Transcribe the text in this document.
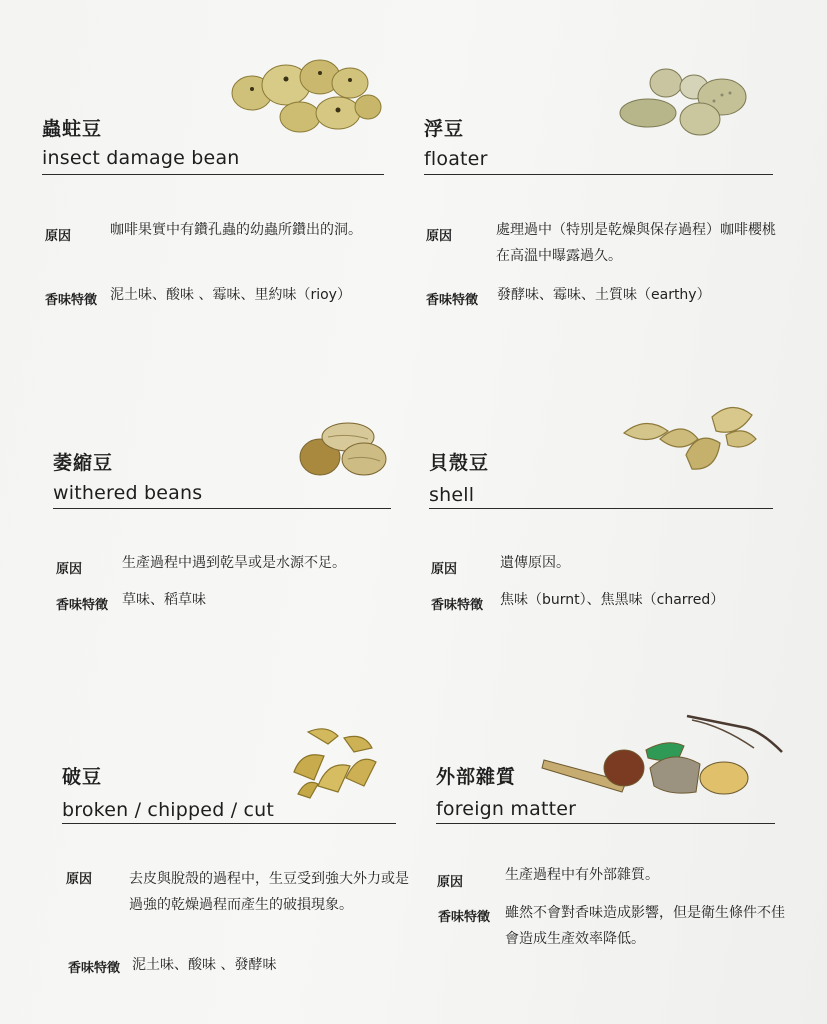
蟲蛀豆
insect damage bean
原因	咖啡果實中有鑽孔蟲的幼蟲所鑽出的洞。
香味特徵 泥土味、酸味 、霉味、里約味（rioy）
浮豆
floater
原因	處理過中（特別是乾燥與保存過程）咖啡櫻桃在高溫中曝露過久。
香味特徵 發酵味、霉味、土質味（earthy）
萎縮豆
withered beans
原因	生產過程中遇到乾旱或是水源不足。
香味特徵 草味、稻草味
貝殼豆
shell
原因	遺傳原因。
香味特徵 焦味（burnt）、焦黑味（charred）
破豆
broken / chipped / cut
原因	去皮與脫殼的過程中，生豆受到強大外力或是過強的乾燥過程而產生的破損現象。
香味特徵 泥土味、酸味 、發酵味
外部雜質
foreign matter
原因	生產過程中有外部雜質。
香味特徵 雖然不會對香味造成影響，但是衛生條件不佳會造成生產效率降低。
